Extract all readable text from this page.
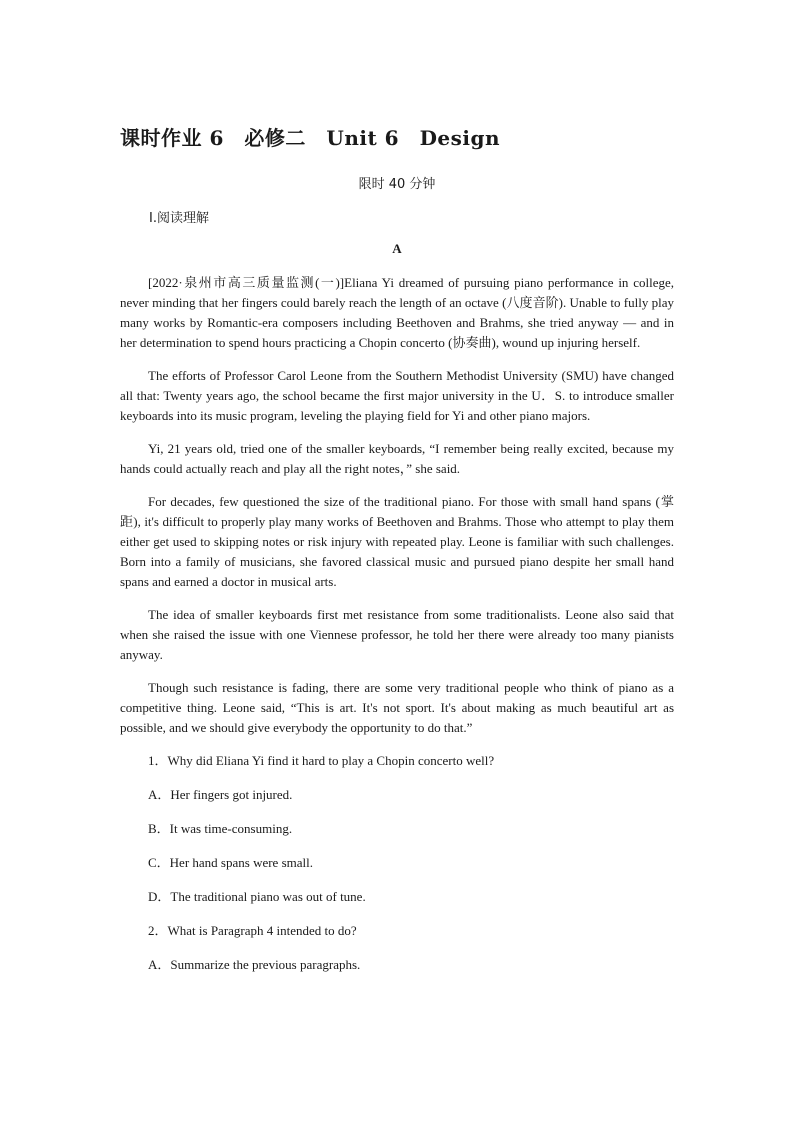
课时作业 6　必修二　Unit 6　Design
限时 40 分钟
Ⅰ.阅读理解
A

[2022·泉州市高三质量监测(一)]Eliana Yi dreamed of pursuing piano performance in college, never minding that her fingers could barely reach the length of an octave (八度音阶). Unable to fully play many works by Romantic-era composers including Beethoven and Brahms, she tried anyway — and in her determination to spend hours practicing a Chopin concerto (协奏曲), wound up injuring herself.

The efforts of Professor Carol Leone from the Southern Methodist University (SMU) have changed all that: Twenty years ago, the school became the first major university in the U．S. to introduce smaller keyboards into its music program, leveling the playing field for Yi and other piano majors.

Yi, 21 years old, tried one of the smaller keyboards, “I remember being really excited, because my hands could actually reach and play all the right notes，” she said.

For decades, few questioned the size of the traditional piano. For those with small hand spans (掌距), it's difficult to properly play many works of Beethoven and Brahms. Those who attempt to play them either get used to skipping notes or risk injury with repeated play. Leone is familiar with such challenges. Born into a family of musicians, she favored classical music and pursued piano despite her small hand spans and earned a doctor in musical arts.

The idea of smaller keyboards first met resistance from some traditionalists. Leone also said that when she raised the issue with one Viennese professor, he told her there were already too many pianists anyway.

Though such resistance is fading, there are some very traditional people who think of piano as a competitive thing. Leone said, “This is art. It's not sport. It's about making as much beautiful art as possible, and we should give everybody the opportunity to do that.”

1．Why did Eliana Yi find it hard to play a Chopin concerto well?
A．Her fingers got injured.
B．It was time-consuming.
C．Her hand spans were small.
D．The traditional piano was out of tune.
2．What is Paragraph 4 intended to do?
A．Summarize the previous paragraphs.
